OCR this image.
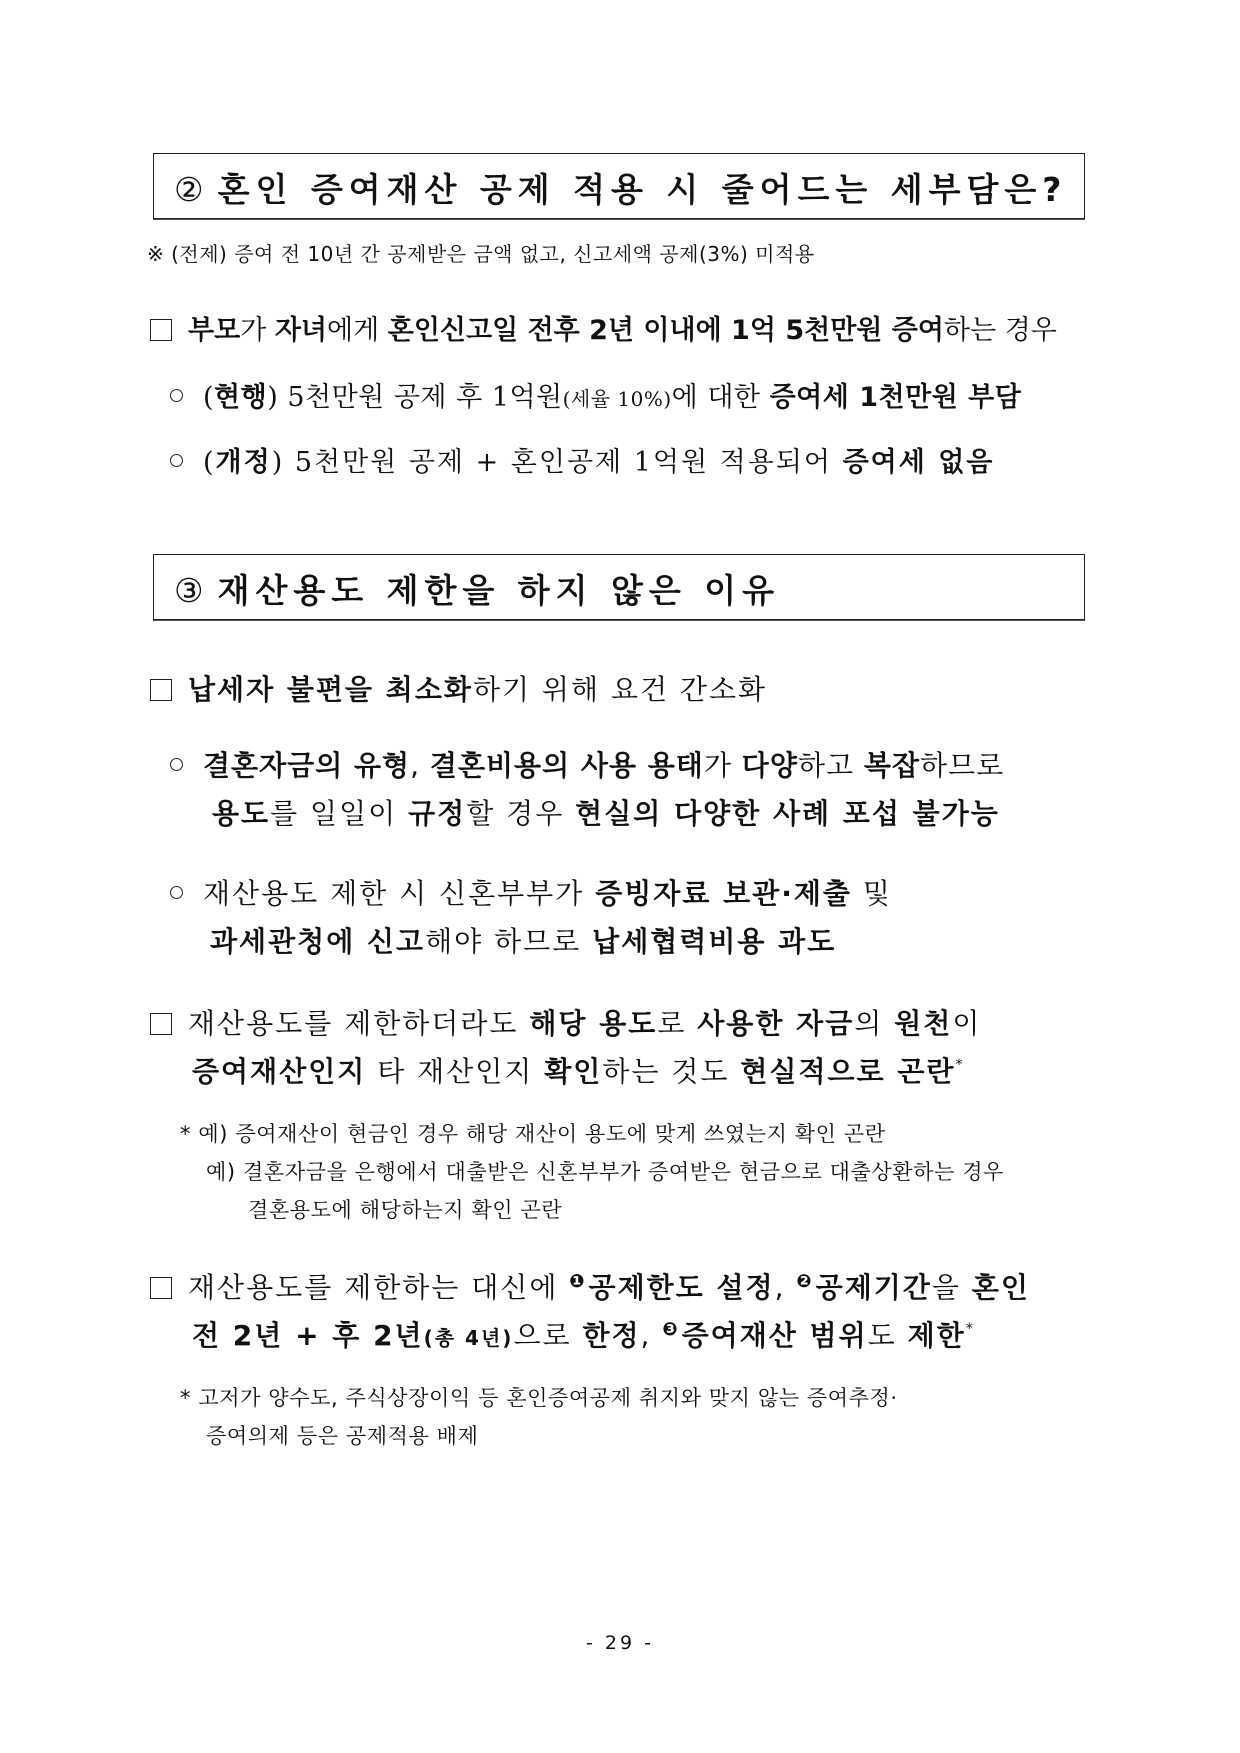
② 혼인 증여재산 공제 적용 시 줄어드는 세부담은?
※ (전제) 증여 전 10년 간 공제받은 금액 없고, 신고세액 공제(3%) 미적용
부모가 자녀에게 혼인신고일 전후 2년 이내에 1억 5천만원 증여하는 경우
(현행) 5천만원 공제 후 1억원(세율 10%)에 대한 증여세 1천만원 부담
(개정) 5천만원 공제 + 혼인공제 1억원 적용되어 증여세 없음
③ 재산용도 제한을 하지 않은 이유
납세자 불편을 최소화하기 위해 요건 간소화
결혼자금의 유형, 결혼비용의 사용 용태가 다양하고 복잡하므로
용도를 일일이 규정할 경우 현실의 다양한 사례 포섭 불가능
재산용도 제한 시 신혼부부가 증빙자료 보관·제출 및
과세관청에 신고해야 하므로 납세협력비용 과도
재산용도를 제한하더라도 해당 용도로 사용한 자금의 원천이
증여재산인지 타 재산인지 확인하는 것도 현실적으로 곤란*
* 예) 증여재산이 현금인 경우 해당 재산이 용도에 맞게 쓰였는지 확인 곤란
예) 결혼자금을 은행에서 대출받은 신혼부부가 증여받은 현금으로 대출상환하는 경우
결혼용도에 해당하는지 확인 곤란
재산용도를 제한하는 대신에 ❶공제한도 설정, ❷공제기간을 혼인
전 2년 + 후 2년(총 4년)으로 한정, ❸증여재산 범위도 제한*
* 고저가 양수도, 주식상장이익 등 혼인증여공제 취지와 맞지 않는 증여추정·
증여의제 등은 공제적용 배제
- 29 -
